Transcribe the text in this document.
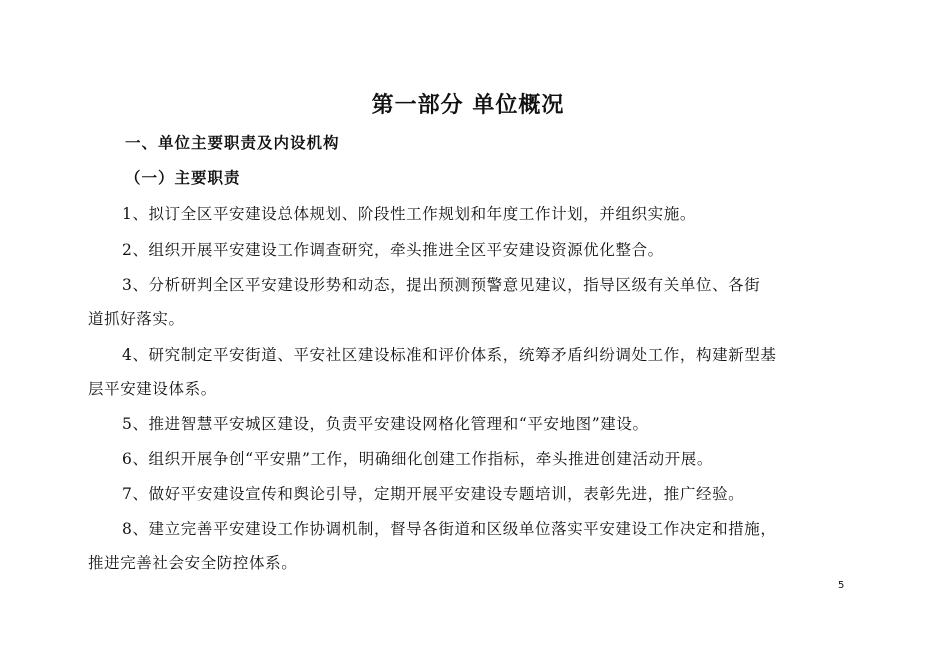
第一部分 单位概况
一、单位主要职责及内设机构
（一）主要职责
1、拟订全区平安建设总体规划、阶段性工作规划和年度工作计划，并组织实施。
2、组织开展平安建设工作调查研究，牵头推进全区平安建设资源优化整合。
3、分析研判全区平安建设形势和动态，提出预测预警意见建议，指导区级有关单位、各街
道抓好落实。
4、研究制定平安街道、平安社区建设标准和评价体系，统筹矛盾纠纷调处工作，构建新型基
层平安建设体系。
5、推进智慧平安城区建设，负责平安建设网格化管理和“平安地图”建设。
6、组织开展争创“平安鼎”工作，明确细化创建工作指标，牵头推进创建活动开展。
7、做好平安建设宣传和舆论引导，定期开展平安建设专题培训，表彰先进，推广经验。
8、建立完善平安建设工作协调机制，督导各街道和区级单位落实平安建设工作决定和措施，
推进完善社会安全防控体系。
5
